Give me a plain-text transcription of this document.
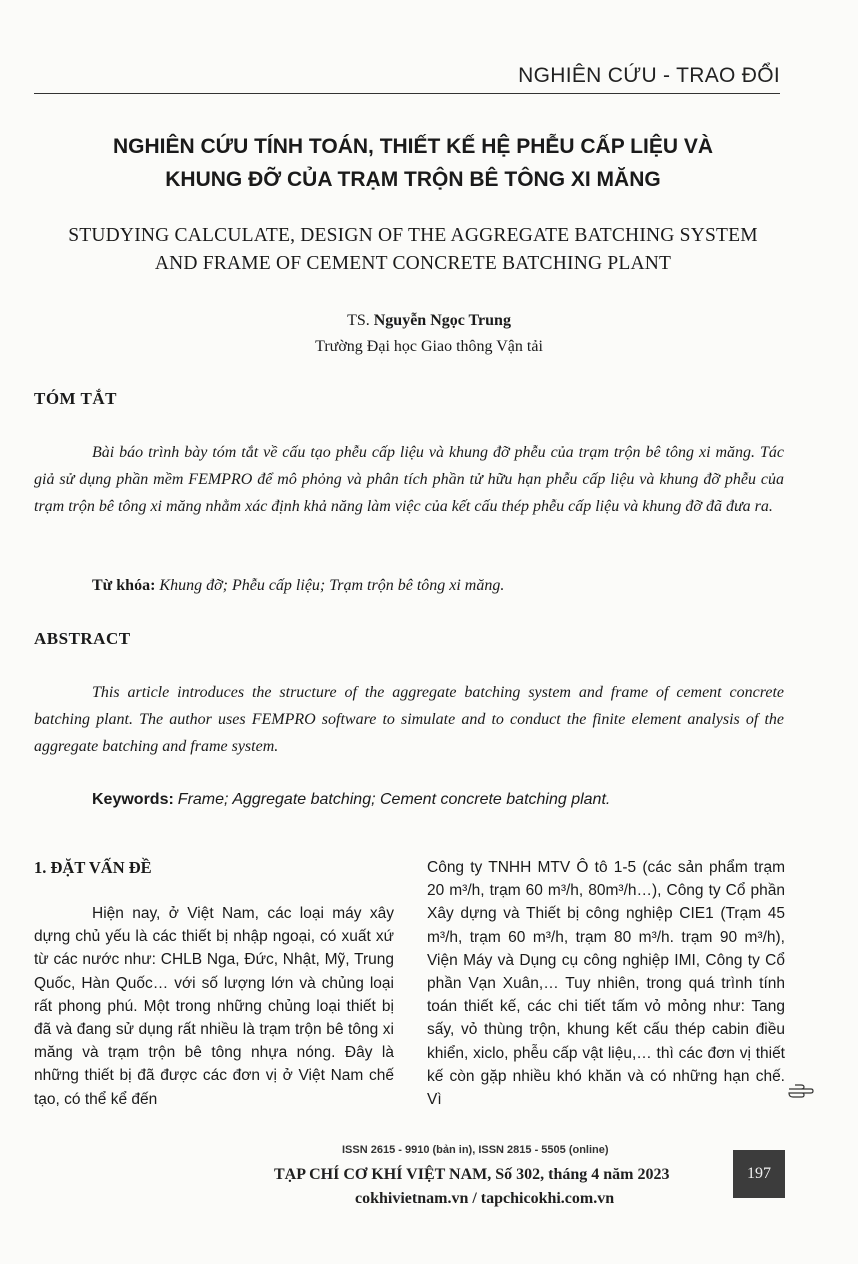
NGHIÊN CỨU - TRAO ĐỔI
NGHIÊN CỨU TÍNH TOÁN, THIẾT KẾ HỆ PHỄU CẤP LIỆU VÀ
KHUNG ĐỠ CỦA TRẠM TRỘN BÊ TÔNG XI MĂNG
STUDYING CALCULATE, DESIGN OF THE AGGREGATE BATCHING SYSTEM
AND FRAME OF CEMENT CONCRETE BATCHING PLANT
TS. Nguyễn Ngọc Trung
Trường Đại học Giao thông Vận tải
TÓM TẮT

Bài báo trình bày tóm tắt về cấu tạo phễu cấp liệu và khung đỡ phễu của trạm trộn bê tông xi măng. Tác giả sử dụng phần mềm FEMPRO để mô phỏng và phân tích phần tử hữu hạn phễu cấp liệu và khung đỡ phễu của trạm trộn bê tông xi măng nhằm xác định khả năng làm việc của kết cấu thép phễu cấp liệu và khung đỡ đã đưa ra.

Từ khóa: Khung đỡ; Phễu cấp liệu; Trạm trộn bê tông xi măng.
ABSTRACT

This article introduces the structure of the aggregate batching system and frame of cement concrete batching plant. The author uses FEMPRO software to simulate and to conduct the finite element analysis of the aggregate batching and frame system.

Keywords: Frame; Aggregate batching; Cement concrete batching plant.
1. ĐẶT VẤN ĐỀ

Hiện nay, ở Việt Nam, các loại máy xây dựng chủ yếu là các thiết bị nhập ngoại, có xuất xứ từ các nước như: CHLB Nga, Đức, Nhật, Mỹ, Trung Quốc, Hàn Quốc… với số lượng lớn và chủng loại rất phong phú. Một trong những chủng loại thiết bị đã và đang sử dụng rất nhiều là trạm trộn bê tông xi măng và trạm trộn bê tông nhựa nóng. Đây là những thiết bị đã được các đơn vị ở Việt Nam chế tạo, có thể kể đến

Công ty TNHH MTV Ô tô 1-5 (các sản phẩm trạm 20 m³/h, trạm 60 m³/h, 80m³/h…), Công ty Cổ phần Xây dựng và Thiết bị công nghiệp CIE1 (Trạm 45 m³/h, trạm 60 m³/h, trạm 80 m³/h. trạm 90 m³/h), Viện Máy và Dụng cụ công nghiệp IMI, Công ty Cổ phần Vạn Xuân,… Tuy nhiên, trong quá trình tính toán thiết kế, các chi tiết tấm vỏ mỏng như: Tang sấy, vỏ thùng trộn, khung kết cấu thép cabin điều khiển, xiclo, phễu cấp vật liệu,… thì các đơn vị thiết kế còn gặp nhiều khó khăn và có những hạn chế. Vì

ISSN 2615 - 9910 (bản in), ISSN 2815 - 5505 (online)
TẠP CHÍ CƠ KHÍ VIỆT NAM, Số 302, tháng 4 năm 2023
cokhivietnam.vn / tapchicokhi.com.vn
197
